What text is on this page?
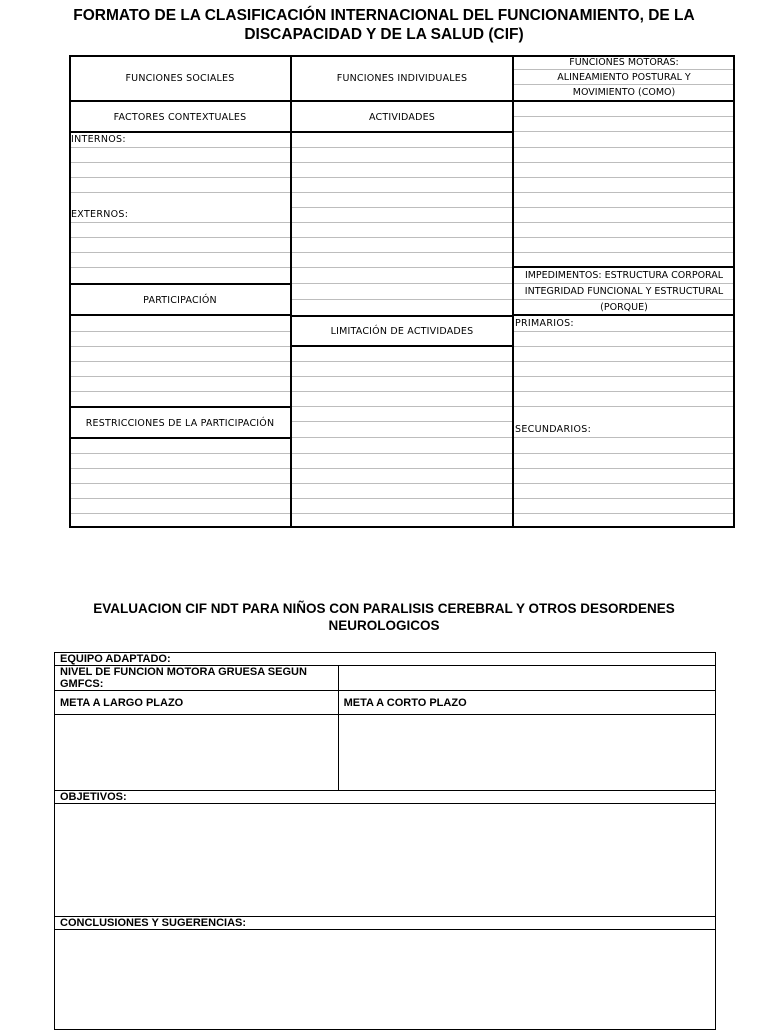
FORMATO DE LA CLASIFICACIÓN INTERNACIONAL DEL FUNCIONAMIENTO, DE LA
DISCAPACIDAD Y DE LA SALUD (CIF)
FUNCIONES SOCIALES
FACTORES CONTEXTUALES
INTERNOS:
EXTERNOS:
PARTICIPACIÓN
RESTRICCIONES DE LA PARTICIPACIÓN
FUNCIONES INDIVIDUALES
ACTIVIDADES
LIMITACIÓN DE ACTIVIDADES
FUNCIONES MOTORAS:
ALINEAMIENTO POSTURAL Y
MOVIMIENTO (COMO)
IMPEDIMENTOS: ESTRUCTURA CORPORAL
INTEGRIDAD FUNCIONAL Y ESTRUCTURAL
(PORQUE)
PRIMARIOS:
SECUNDARIOS:
EVALUACION CIF NDT PARA NIÑOS CON PARALISIS CEREBRAL Y OTROS DESORDENES
NEUROLOGICOS
EQUIPO ADAPTADO:	

NIVEL DE FUNCION MOTORA GRUESA SEGUN
GMFCS:	

META A LARGO PLAZO	META A CORTO PLAZO

OBJETIVOS:	

CONCLUSIONES Y SUGERENCIAS:	
